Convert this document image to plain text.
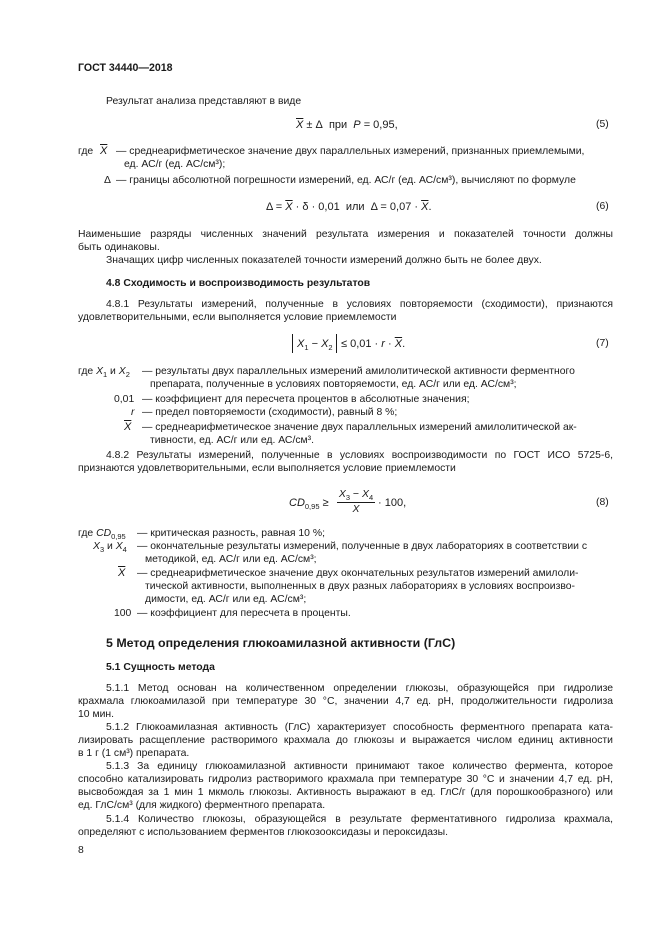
ГОСТ 34440—2018
Результат анализа представляют в виде
$\overline{X} \pm \Delta$  при  P = 0,95,	(5)
где $\overline{X}$ — среднеарифметическое значение двух параллельных измерений, признанных приемлемыми,
ед. АС/г (ед. АС/см³);
Δ — границы абсолютной погрешности измерений, ед. АС/г (ед. АС/см³), вычисляют по формуле
$\Delta = \overline{X} \cdot \delta \cdot 0,01$  или  $\Delta = 0,07 \cdot \overline{X}$.	(6)
Наименьшие разряды численных значений результата измерения и показателей точности должны
быть одинаковы.
Значащих цифр численных показателей точности измерений должно быть не более двух.
4.8 Сходимость и воспроизводимость результатов
4.8.1 Результаты измерений, полученные в условиях повторяемости (сходимости), признаются
удовлетворительными, если выполняется условие приемлемости
$X_1 - X_2 \le 0,01 \cdot r \cdot \overline{X}$.	(7)
где $X_1$ и $X_2$ — результаты двух параллельных измерений амилолитической активности ферментного
препарата, полученные в условиях повторяемости, ед. АС/г или ед. АС/см³;
0,01 — коэффициент для пересчета процентов в абсолютные значения;
r — предел повторяемости (сходимости), равный 8 %;
$\overline{X}$ — среднеарифметическое значение двух параллельных измерений амилолитической ак-
тивности, ед. АС/г или ед. АС/см³.
4.8.2 Результаты измерений, полученные в условиях воспроизводимости по ГОСТ ИСО 5725-6,
признаются удовлетворительными, если выполняется условие приемлемости
$CD_{0,95}$ ≥
$X_3 - X_4$
$\overline{X}$	· 100,	(8)
где $CD_{0,95}$ — критическая разность, равная 10 %;
$X_3$ и $X_4$ — окончательные результаты измерений, полученные в двух лабораториях в соответствии с
методикой, ед. АС/г или ед. АС/см³;
$\overline{X}$ — среднеарифметическое значение двух окончательных результатов измерений амилоли-
тической активности, выполненных в двух разных лабораториях в условиях воспроизво-
димости, ед. АС/г или ед. АС/см³;
100 — коэффициент для пересчета в проценты.
5 Метод определения глюкоамилазной активности (ГлС)
5.1 Сущность метода
5.1.1 Метод основан на количественном определении глюкозы, образующейся при гидролизе
крахмала глюкоамилазой при температуре 30 °С, значении 4,7 ед. pH, продолжительности гидролиза
10 мин.
5.1.2 Глюкоамилазная активность (ГлС) характеризует способность ферментного препарата ката-
лизировать расщепление растворимого крахмала до глюкозы и выражается числом единиц активности
в 1 г (1 см³) препарата.
5.1.3 За единицу глюкоамилазной активности принимают такое количество фермента, которое
способно катализировать гидролиз растворимого крахмала при температуре 30 °С и значении 4,7 ед. pH,
высвобождая за 1 мин 1 мкмоль глюкозы. Активность выражают в ед. ГлС/г (для порошкообразного) или
ед. ГлС/см³ (для жидкого) ферментного препарата.
5.1.4 Количество глюкозы, образующейся в результате ферментативного гидролиза крахмала,
определяют с использованием ферментов глюкозооксидазы и пероксидазы.
8
